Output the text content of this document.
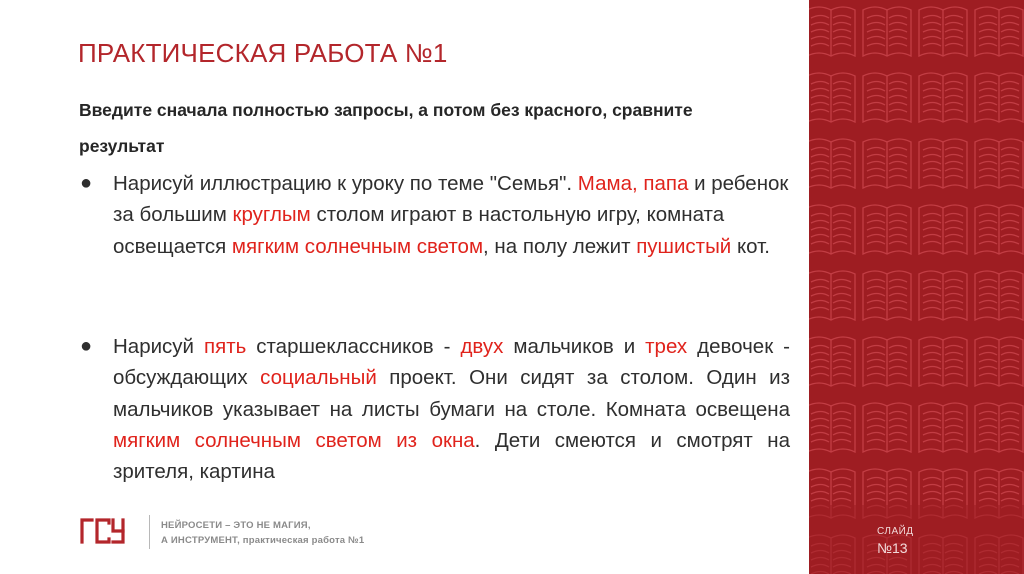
ПРАКТИЧЕСКАЯ РАБОТА №1
Введите сначала полностью запросы, а потом без красного, сравните результат
●	Нарисуй иллюстрацию к уроку по теме "Семья". Мама, папа и ребенок за большим круглым столом играют в настольную игру, комната освещается мягким солнечным светом, на полу лежит пушистый кот.
●	Нарисуй пять старшеклассников - двух мальчиков и трех девочек - обсуждающих социальный проект. Они сидят за столом. Один из мальчиков указывает на листы бумаги на столе. Комната освещена мягким солнечным светом из окна. Дети смеются и смотрят на зрителя, картина
НЕЙРОСЕТИ – ЭТО НЕ МАГИЯ,
А ИНСТРУМЕНТ, практическая работа №1
СЛАЙД
№13
